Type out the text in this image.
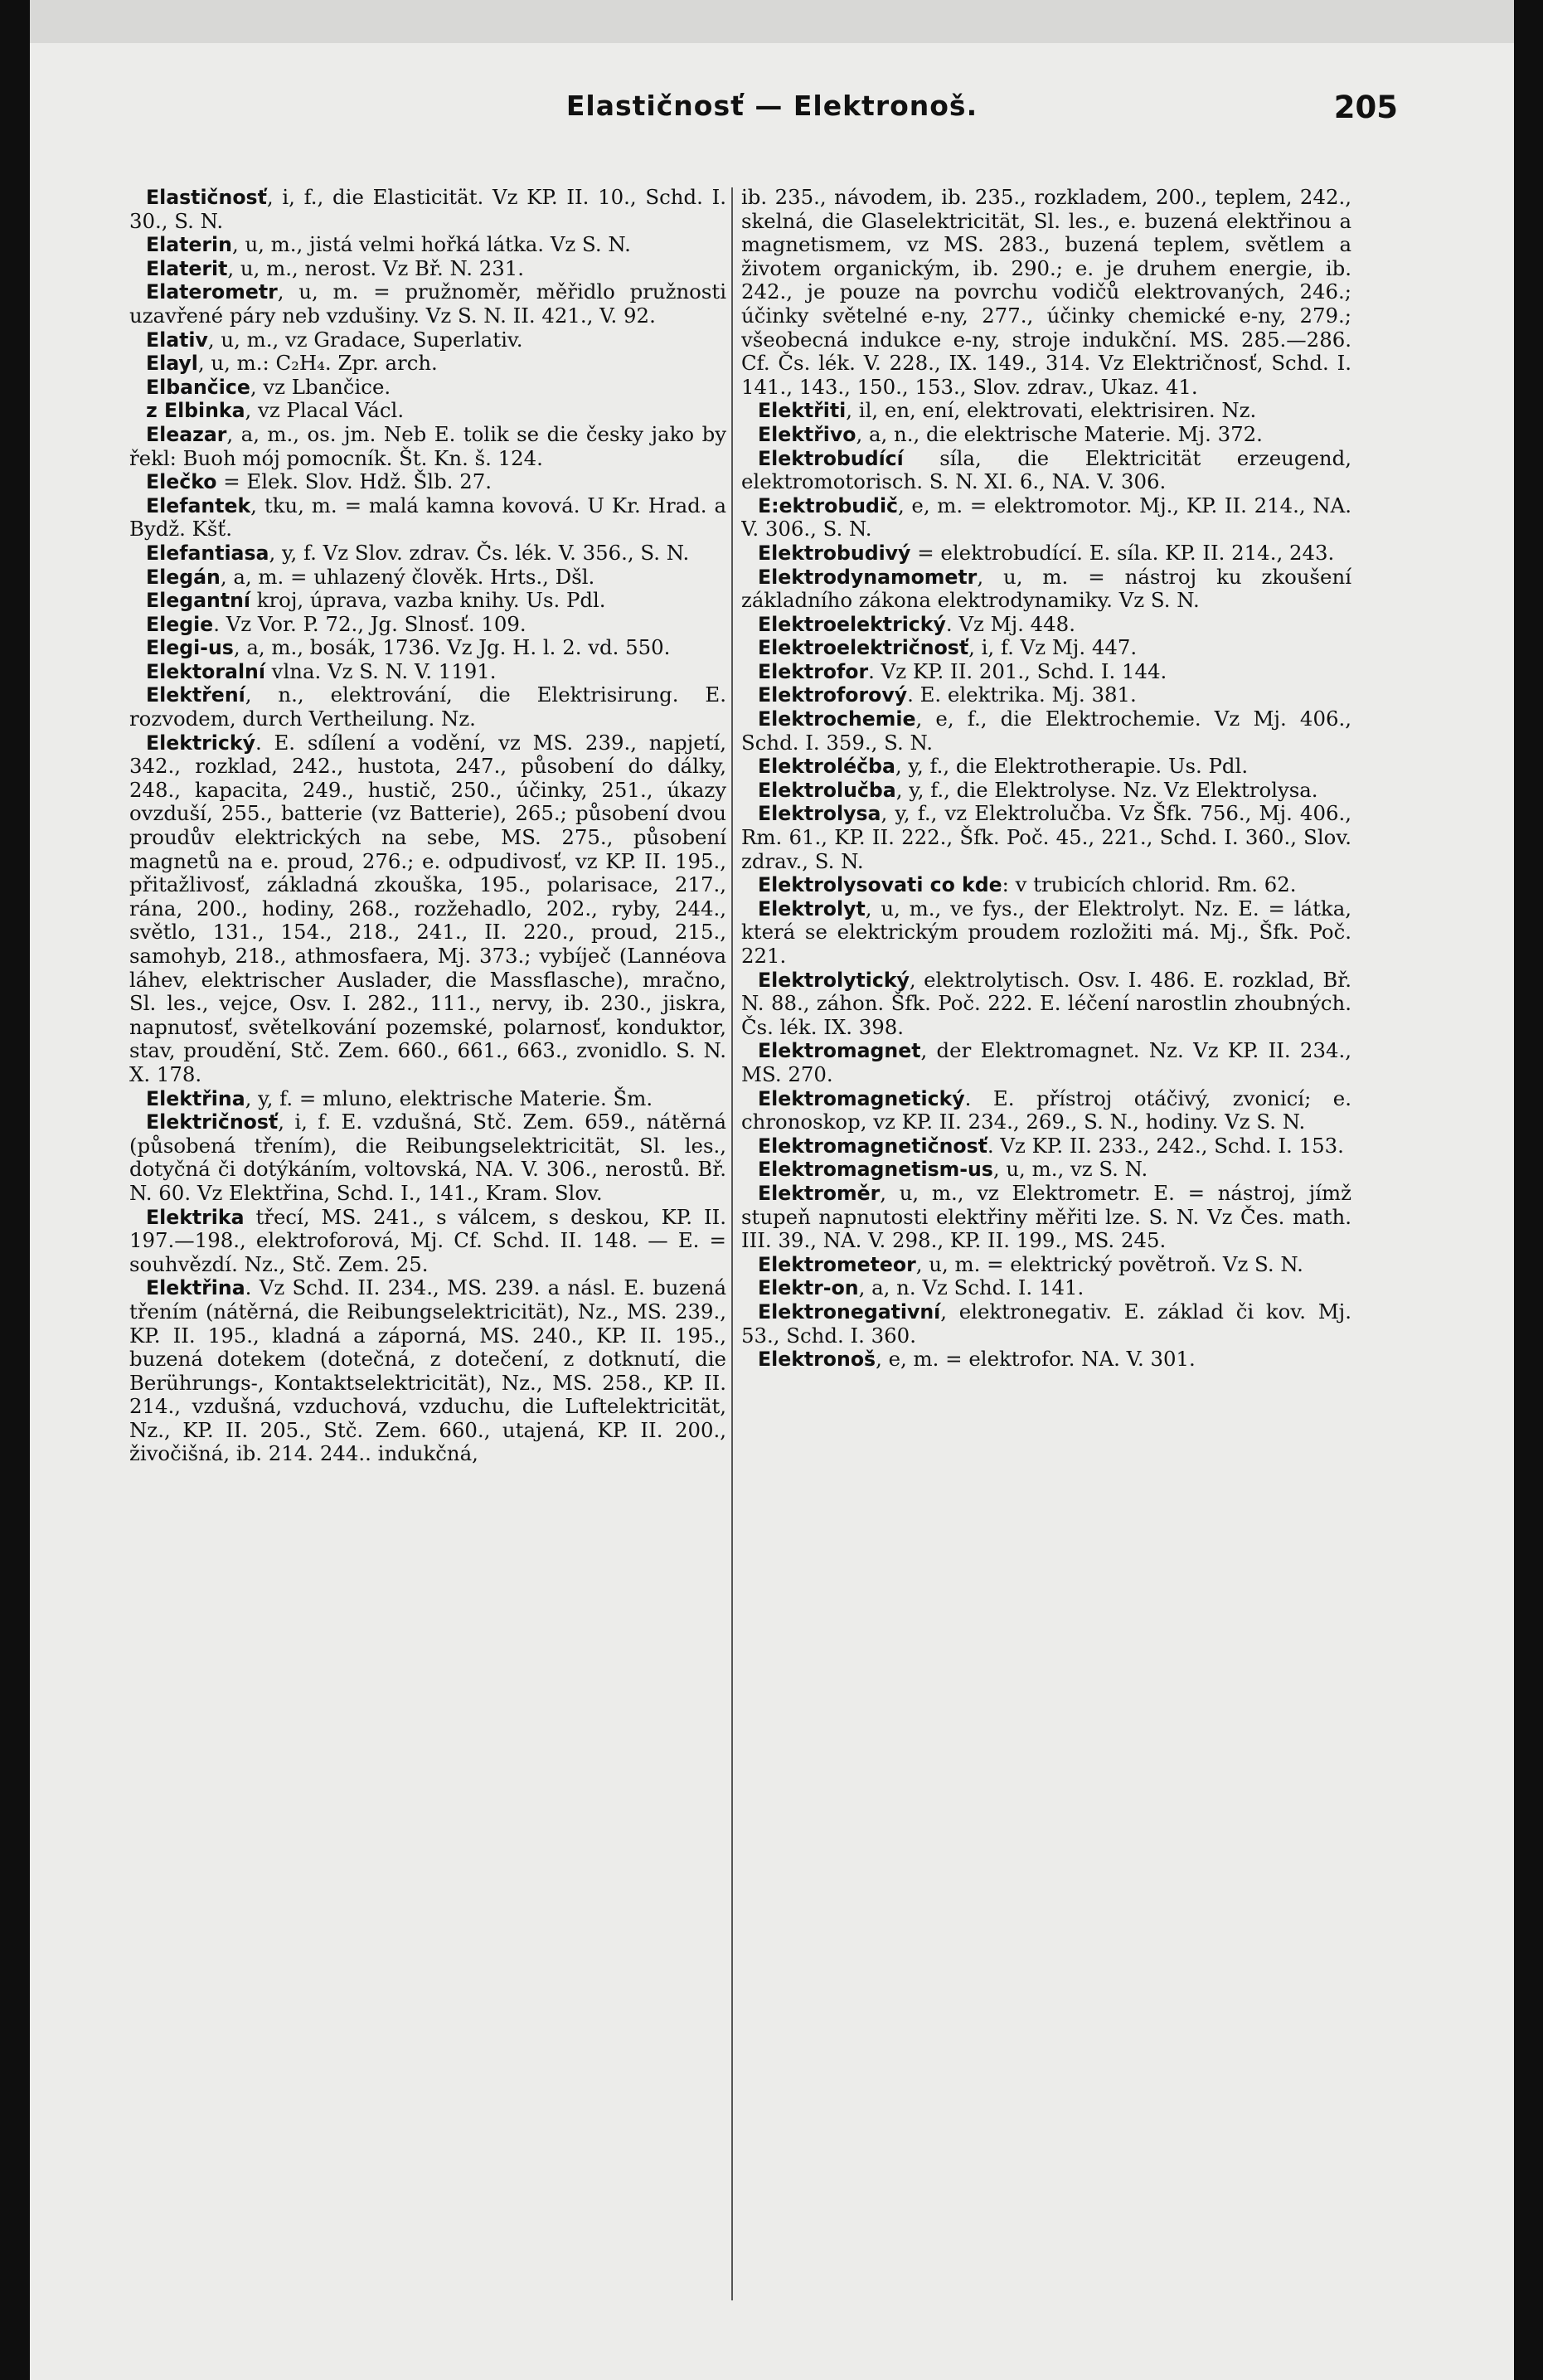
Elastičnosť — Elektronoš.	205
Elastičnosť, i, f., die Elasticität. Vz KP. II. 10., Schd. I. 30., S. N.
Elaterin, u, m., jistá velmi hořká látka. Vz S. N.
Elaterit, u, m., nerost. Vz Bř. N. 231.
Elaterometr, u, m. = pružnoměr, měřidlo pružnosti uzavřené páry neb vzdušiny. Vz S. N. II. 421., V. 92.
Elativ, u, m., vz Gradace, Superlativ.
Elayl, u, m.: C₂H₄. Zpr. arch.
Elbančice, vz Lbančice.
z Elbinka, vz Placal Václ.
Eleazar, a, m., os. jm. Neb E. tolik se die česky jako by řekl: Buoh mój pomocník. Št. Kn. š. 124.
Elečko = Elek. Slov. Hdž. Šlb. 27.
Elefantek, tku, m. = malá kamna kovová. U Kr. Hrad. a Bydž. Kšť.
Elefantiasa, y, f. Vz Slov. zdrav. Čs. lék. V. 356., S. N.
Elegán, a, m. = uhlazený člověk. Hrts., Dšl.
Elegantní kroj, úprava, vazba knihy. Us. Pdl.
Elegie. Vz Vor. P. 72., Jg. Slnosť. 109.
Elegi-us, a, m., bosák, 1736. Vz Jg. H. l. 2. vd. 550.
Elektoralní vlna. Vz S. N. V. 1191.
Elektření, n., elektrování, die Elektrisirung. E. rozvodem, durch Vertheilung. Nz.
Elektrický. E. sdílení a vodění, vz MS. 239., napjetí, 342., rozklad, 242., hustota, 247., působení do dálky, 248., kapacita, 249., hustič, 250., účinky, 251., úkazy ovzduší, 255., batterie (vz Batterie), 265.; působení dvou proudův elektrických na sebe, MS. 275., působení magnetů na e. proud, 276.; e. odpudivosť, vz KP. II. 195., přitažlivosť, základná zkouška, 195., polarisace, 217., rána, 200., hodiny, 268., rozžehadlo, 202., ryby, 244., světlo, 131., 154., 218., 241., II. 220., proud, 215., samohyb, 218., athmosfaera, Mj. 373.; vybíječ (Lannéova láhev, elektrischer Auslader, die Massflasche), mračno, Sl. les., vejce, Osv. I. 282., 111., nervy, ib. 230., jiskra, napnutosť, světelkování pozemské, polarnosť, konduktor, stav, proudění, Stč. Zem. 660., 661., 663., zvonidlo. S. N. X. 178.
Elektřina, y, f. = mluno, elektrische Materie. Šm.
Električnosť, i, f. E. vzdušná, Stč. Zem. 659., nátěrná (působená třením), die Reibungselektricität, Sl. les., dotyčná či dotýkáním, voltovská, NA. V. 306., nerostů. Bř. N. 60. Vz Elektřina, Schd. I., 141., Kram. Slov.
Elektrika třecí, MS. 241., s válcem, s deskou, KP. II. 197.—198., elektroforová, Mj. Cf. Schd. II. 148. — E. = souhvězdí. Nz., Stč. Zem. 25.
Elektřina. Vz Schd. II. 234., MS. 239. a násl. E. buzená třením (nátěrná, die Reibungselektricität), Nz., MS. 239., KP. II. 195., kladná a záporná, MS. 240., KP. II. 195., buzená dotekem (dotečná, z dotečení, z dotknutí, die Berührungs-, Kontaktselektricität), Nz., MS. 258., KP. II. 214., vzdušná, vzduchová, vzduchu, die Luftelektricität, Nz., KP. II. 205., Stč. Zem. 660., utajená, KP. II. 200., živočišná, ib. 214. 244.. indukčná,
ib. 235., návodem, ib. 235., rozkladem, 200., teplem, 242., skelná, die Glaselektricität, Sl. les., e. buzená elektřinou a magnetismem, vz MS. 283., buzená teplem, světlem a životem organickým, ib. 290.; e. je druhem energie, ib. 242., je pouze na povrchu vodičů elektrovaných, 246.; účinky světelné e-ny, 277., účinky chemické e-ny, 279.; všeobecná indukce e-ny, stroje indukční. MS. 285.—286. Cf. Čs. lék. V. 228., IX. 149., 314. Vz Električnosť, Schd. I. 141., 143., 150., 153., Slov. zdrav., Ukaz. 41.
Elektřiti, il, en, ení, elektrovati, elektrisiren. Nz.
Elektřivo, a, n., die elektrische Materie. Mj. 372.
Elektrobudící síla, die Elektricität erzeugend, elektromotorisch. S. N. XI. 6., NA. V. 306.
E:ektrobudič, e, m. = elektromotor. Mj., KP. II. 214., NA. V. 306., S. N.
Elektrobudivý = elektrobudící. E. síla. KP. II. 214., 243.
Elektrodynamometr, u, m. = nástroj ku zkoušení základního zákona elektrodynamiky. Vz S. N.
Elektroelektrický. Vz Mj. 448.
Elektroelektričnosť, i, f. Vz Mj. 447.
Elektrofor. Vz KP. II. 201., Schd. I. 144.
Elektroforový. E. elektrika. Mj. 381.
Elektrochemie, e, f., die Elektrochemie. Vz Mj. 406., Schd. I. 359., S. N.
Elektroléčba, y, f., die Elektrotherapie. Us. Pdl.
Elektrolučba, y, f., die Elektrolyse. Nz. Vz Elektrolysa.
Elektrolysa, y, f., vz Elektrolučba. Vz Šfk. 756., Mj. 406., Rm. 61., KP. II. 222., Šfk. Poč. 45., 221., Schd. I. 360., Slov. zdrav., S. N.
Elektrolysovati co kde: v trubicích chlorid. Rm. 62.
Elektrolyt, u, m., ve fys., der Elektrolyt. Nz. E. = látka, která se elektrickým proudem rozložiti má. Mj., Šfk. Poč. 221.
Elektrolytický, elektrolytisch. Osv. I. 486. E. rozklad, Bř. N. 88., záhon. Šfk. Poč. 222. E. léčení narostlin zhoubných. Čs. lék. IX. 398.
Elektromagnet, der Elektromagnet. Nz. Vz KP. II. 234., MS. 270.
Elektromagnetický. E. přístroj otáčivý, zvonicí; e. chronoskop, vz KP. II. 234., 269., S. N., hodiny. Vz S. N.
Elektromagnetičnosť. Vz KP. II. 233., 242., Schd. I. 153.
Elektromagnetism-us, u, m., vz S. N.
Elektroměr, u, m., vz Elektrometr. E. = nástroj, jímž stupeň napnutosti elektřiny měřiti lze. S. N. Vz Čes. math. III. 39., NA. V. 298., KP. II. 199., MS. 245.
Elektrometeor, u, m. = elektrický povětroň. Vz S. N.
Elektr-on, a, n. Vz Schd. I. 141.
Elektronegativní, elektronegativ. E. základ či kov. Mj. 53., Schd. I. 360.
Elektronoš, e, m. = elektrofor. NA. V. 301.
